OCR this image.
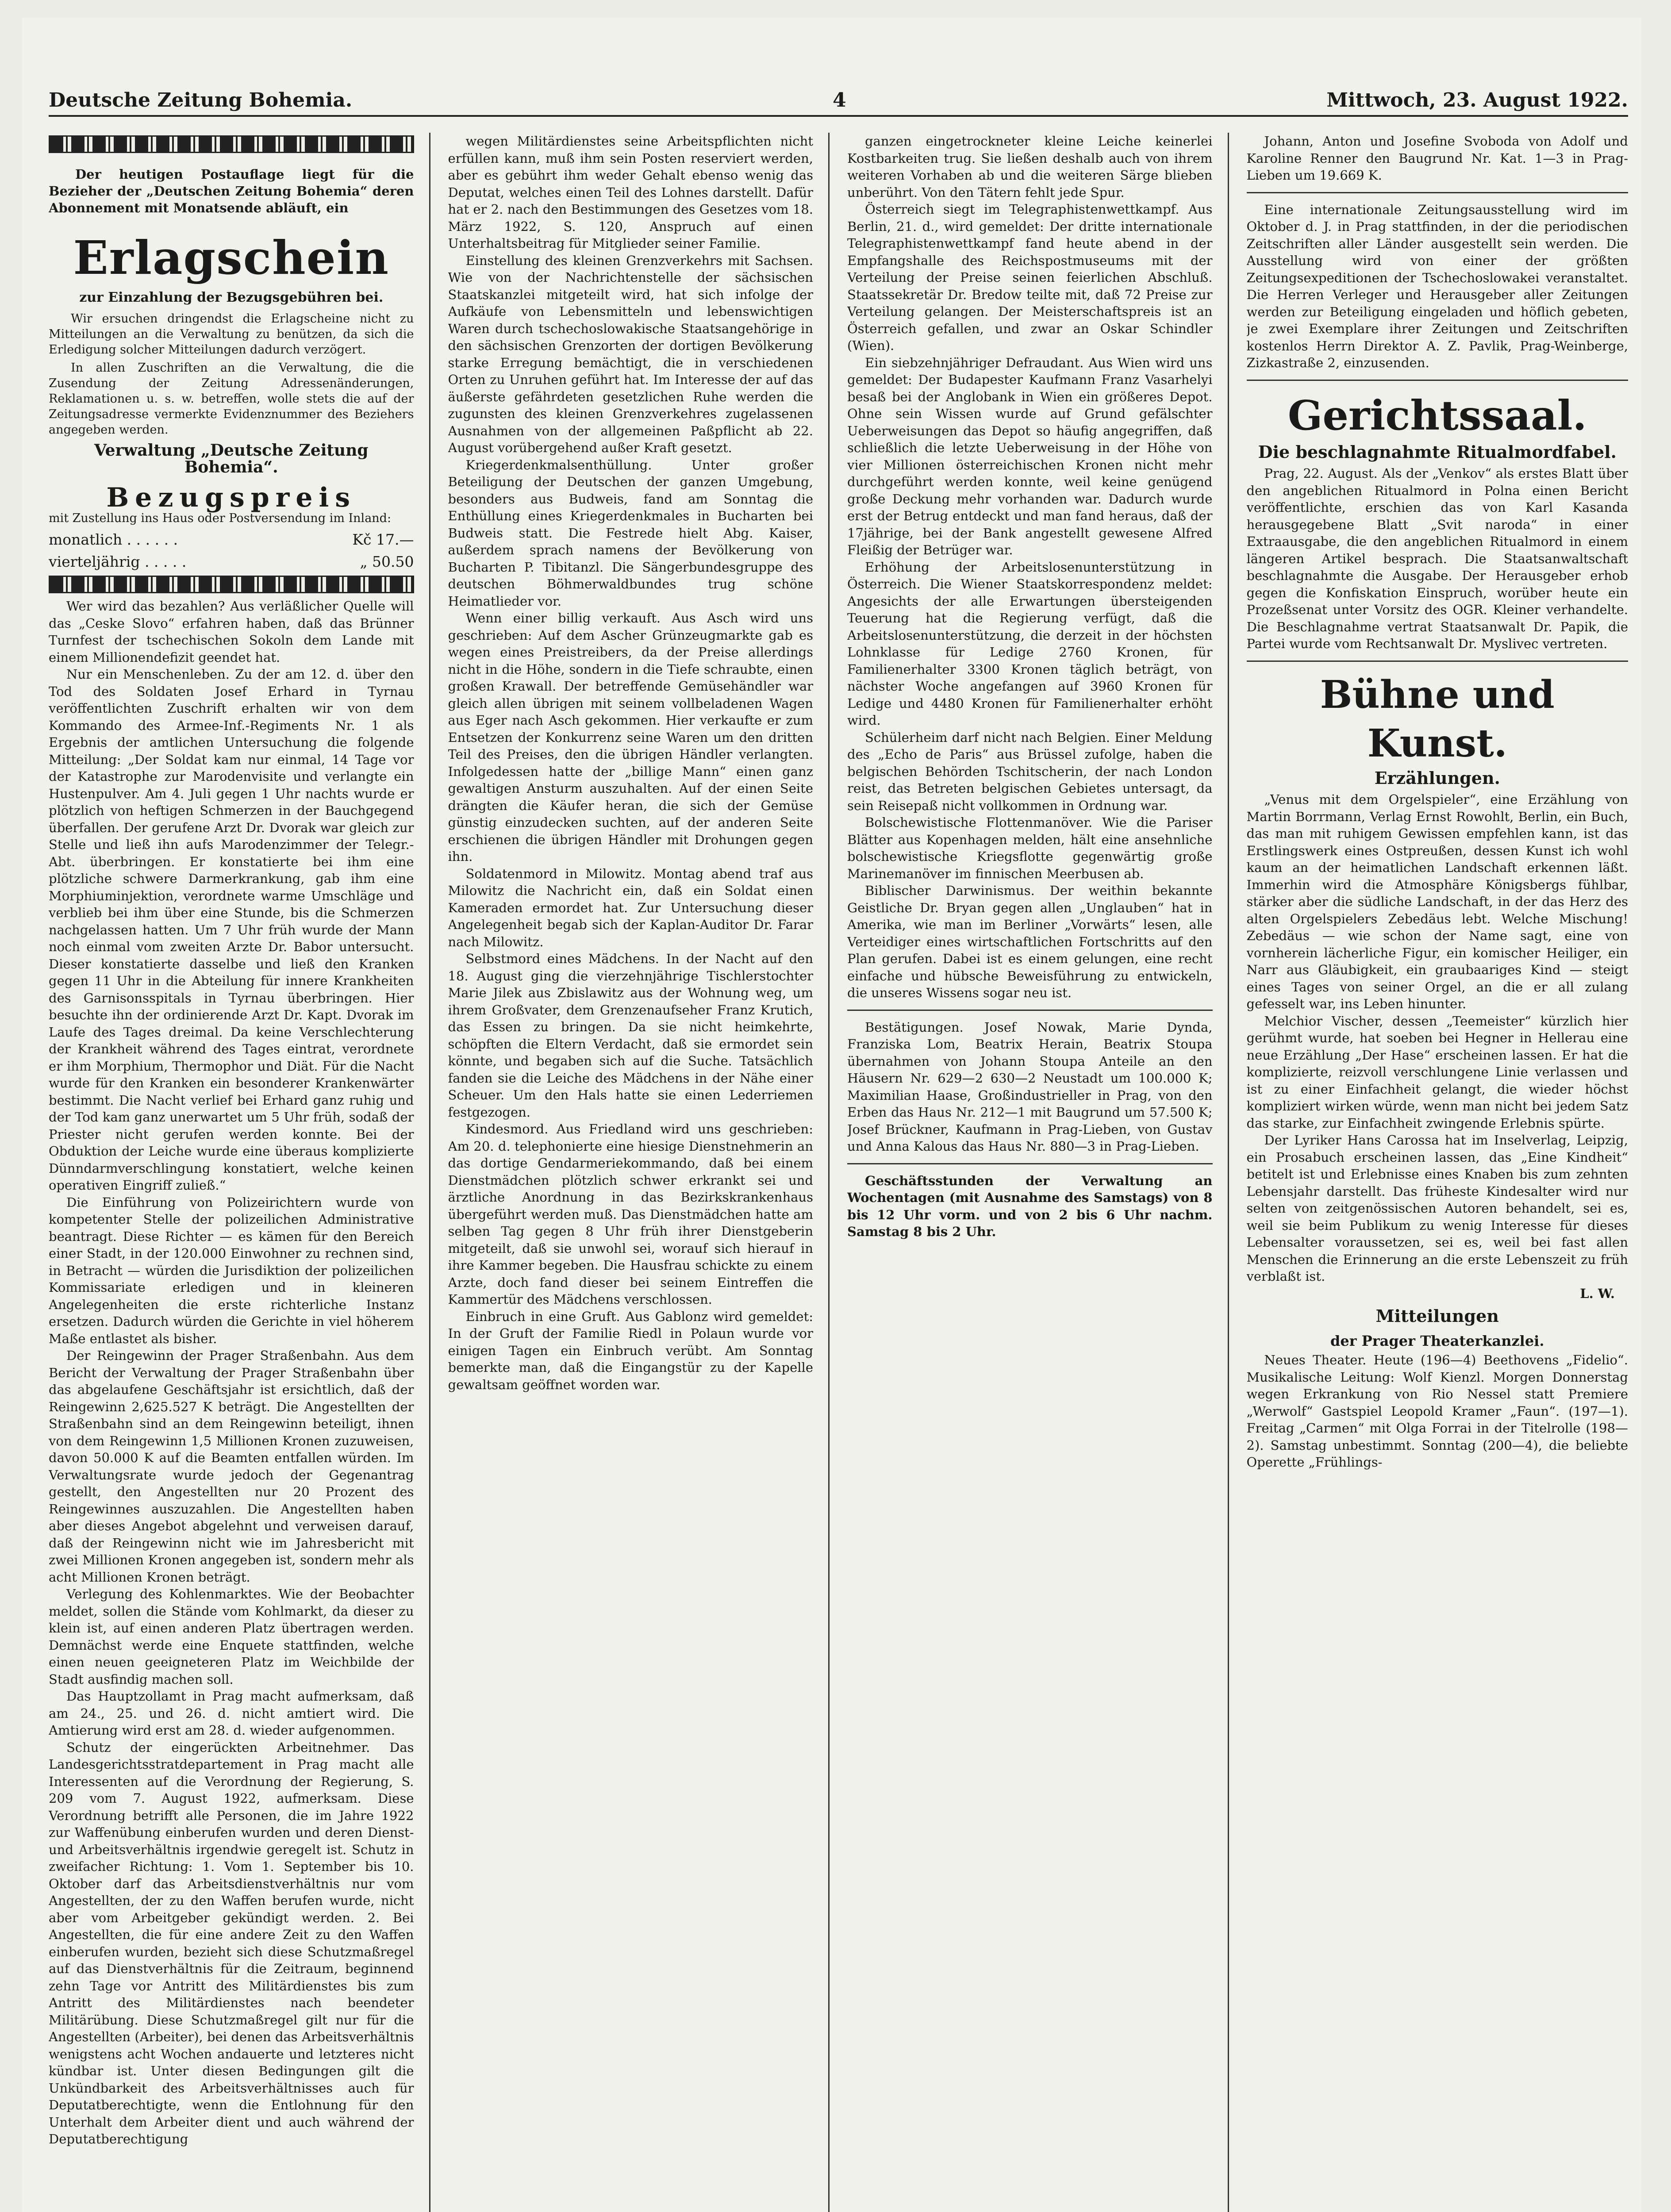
Deutsche Zeitung Bohemia.	4	Mittwoch, 23. August 1922.

Der heutigen Postauflage liegt für die Bezieher der „Deutschen Zeitung Bohemia“ deren Abonnement mit Monatsende abläuft, ein

Erlagschein
zur Einzahlung der Bezugsgebühren bei.

Wir ersuchen dringendst die Erlagscheine nicht zu Mitteilungen an die Verwaltung zu benützen, da sich die Erledigung solcher Mitteilungen dadurch verzögert.

In allen Zuschriften an die Verwaltung, die die Zusendung der Zeitung Adressenänderungen, Reklamationen u. s. w. betreffen, wolle stets die auf der Zeitungsadresse vermerkte Evidenznummer des Beziehers angegeben werden.

Verwaltung „Deutsche Zeitung Bohemia“.
Bezugspreis

mit Zustellung ins Haus oder Postversendung im Inland:

monatlich . . . . . .	Kč 17.—
vierteljährig . . . . .	„ 50.50

Wer wird das bezahlen? Aus verläßlicher Quelle will das „Ceske Slovo“ erfahren haben, daß das Brünner Turnfest der tschechischen Sokoln dem Lande mit einem Millionendefizit geendet hat.

Nur ein Menschenleben. Zu der am 12. d. über den Tod des Soldaten Josef Erhard in Tyrnau veröffentlichten Zuschrift erhalten wir von dem Kommando des Armee-Inf.-Regiments Nr. 1 als Ergebnis der amtlichen Untersuchung die folgende Mitteilung: „Der Soldat kam nur einmal, 14 Tage vor der Katastrophe zur Marodenvisite und verlangte ein Hustenpulver. Am 4. Juli gegen 1 Uhr nachts wurde er plötzlich von heftigen Schmerzen in der Bauchgegend überfallen. Der gerufene Arzt Dr. Dvorak war gleich zur Stelle und ließ ihn aufs Marodenzimmer der Telegr.-Abt. überbringen. Er konstatierte bei ihm eine plötzliche schwere Darmerkrankung, gab ihm eine Morphiuminjektion, verordnete warme Umschläge und verblieb bei ihm über eine Stunde, bis die Schmerzen nachgelassen hatten. Um 7 Uhr früh wurde der Mann noch einmal vom zweiten Arzte Dr. Babor untersucht. Dieser konstatierte dasselbe und ließ den Kranken gegen 11 Uhr in die Abteilung für innere Krankheiten des Garnisonsspitals in Tyrnau überbringen. Hier besuchte ihn der ordinierende Arzt Dr. Kapt. Dvorak im Laufe des Tages dreimal. Da keine Verschlechterung der Krankheit während des Tages eintrat, verordnete er ihm Morphium, Thermophor und Diät. Für die Nacht wurde für den Kranken ein besonderer Krankenwärter bestimmt. Die Nacht verlief bei Erhard ganz ruhig und der Tod kam ganz unerwartet um 5 Uhr früh, sodaß der Priester nicht gerufen werden konnte. Bei der Obduktion der Leiche wurde eine überaus komplizierte Dünndarmverschlingung konstatiert, welche keinen operativen Eingriff zuließ.“

Die Einführung von Polizeirichtern wurde von kompetenter Stelle der polizeilichen Administrative beantragt. Diese Richter — es kämen für den Bereich einer Stadt, in der 120.000 Einwohner zu rechnen sind, in Betracht — würden die Jurisdiktion der polizeilichen Kommissariate erledigen und in kleineren Angelegenheiten die erste richterliche Instanz ersetzen. Dadurch würden die Gerichte in viel höherem Maße entlastet als bisher.

Der Reingewinn der Prager Straßenbahn. Aus dem Bericht der Verwaltung der Prager Straßenbahn über das abgelaufene Geschäftsjahr ist ersichtlich, daß der Reingewinn 2,625.527 K beträgt. Die Angestellten der Straßenbahn sind an dem Reingewinn beteiligt, ihnen von dem Reingewinn 1,5 Millionen Kronen zuzuweisen, davon 50.000 K auf die Beamten entfallen würden. Im Verwaltungsrate wurde jedoch der Gegenantrag gestellt, den Angestellten nur 20 Prozent des Reingewinnes auszuzahlen. Die Angestellten haben aber dieses Angebot abgelehnt und verweisen darauf, daß der Reingewinn nicht wie im Jahresbericht mit zwei Millionen Kronen angegeben ist, sondern mehr als acht Millionen Kronen beträgt.

Verlegung des Kohlenmarktes. Wie der Beobachter meldet, sollen die Stände vom Kohlmarkt, da dieser zu klein ist, auf einen anderen Platz übertragen werden. Demnächst werde eine Enquete stattfinden, welche einen neuen geeigneteren Platz im Weichbilde der Stadt ausfindig machen soll.

Das Hauptzollamt in Prag macht aufmerksam, daß am 24., 25. und 26. d. nicht amtiert wird. Die Amtierung wird erst am 28. d. wieder aufgenommen.

Schutz der eingerückten Arbeitnehmer. Das Landesgerichtsstratdepartement in Prag macht alle Interessenten auf die Verordnung der Regierung, S. 209 vom 7. August 1922, aufmerksam. Diese Verordnung betrifft alle Personen, die im Jahre 1922 zur Waffenübung einberufen wurden und deren Dienst- und Arbeitsverhältnis irgendwie geregelt ist. Schutz in zweifacher Richtung: 1. Vom 1. September bis 10. Oktober darf das Arbeitsdienstverhältnis nur vom Angestellten, der zu den Waffen berufen wurde, nicht aber vom Arbeitgeber gekündigt werden. 2. Bei Angestellten, die für eine andere Zeit zu den Waffen einberufen wurden, bezieht sich diese Schutzmaßregel auf das Dienstverhältnis für die Zeitraum, beginnend zehn Tage vor Antritt des Militärdienstes bis zum Antritt des Militärdienstes nach beendeter Militärübung. Diese Schutzmaßregel gilt nur für die Angestellten (Arbeiter), bei denen das Arbeitsverhältnis wenigstens acht Wochen andauerte und letzteres nicht kündbar ist. Unter diesen Bedingungen gilt die Unkündbarkeit des Arbeitsverhältnisses auch für Deputatberechtigte, wenn die Entlohnung für den Unterhalt dem Arbeiter dient und auch während der Deputatberechtigung

wegen Militärdienstes seine Arbeitspflichten nicht erfüllen kann, muß ihm sein Posten reserviert werden, aber es gebührt ihm weder Gehalt ebenso wenig das Deputat, welches einen Teil des Lohnes darstellt. Dafür hat er 2. nach den Bestimmungen des Gesetzes vom 18. März 1922, S. 120, Anspruch auf einen Unterhaltsbeitrag für Mitglieder seiner Familie.

Einstellung des kleinen Grenzverkehrs mit Sachsen. Wie von der Nachrichtenstelle der sächsischen Staatskanzlei mitgeteilt wird, hat sich infolge der Aufkäufe von Lebensmitteln und lebenswichtigen Waren durch tschechoslowakische Staatsangehörige in den sächsischen Grenzorten der dortigen Bevölkerung starke Erregung bemächtigt, die in verschiedenen Orten zu Unruhen geführt hat. Im Interesse der auf das äußerste gefährdeten gesetzlichen Ruhe werden die zugunsten des kleinen Grenzverkehres zugelassenen Ausnahmen von der allgemeinen Paßpflicht ab 22. August vorübergehend außer Kraft gesetzt.

Kriegerdenkmalsenthüllung. Unter großer Beteiligung der Deutschen der ganzen Umgebung, besonders aus Budweis, fand am Sonntag die Enthüllung eines Kriegerdenkmales in Bucharten bei Budweis statt. Die Festrede hielt Abg. Kaiser, außerdem sprach namens der Bevölkerung von Bucharten P. Tibitanzl. Die Sängerbundesgruppe des deutschen Böhmerwaldbundes trug schöne Heimatlieder vor.

Wenn einer billig verkauft. Aus Asch wird uns geschrieben: Auf dem Ascher Grünzeugmarkte gab es wegen eines Preistreibers, da der Preise allerdings nicht in die Höhe, sondern in die Tiefe schraubte, einen großen Krawall. Der betreffende Gemüsehändler war gleich allen übrigen mit seinem vollbeladenen Wagen aus Eger nach Asch gekommen. Hier verkaufte er zum Entsetzen der Konkurrenz seine Waren um den dritten Teil des Preises, den die übrigen Händler verlangten. Infolgedessen hatte der „billige Mann“ einen ganz gewaltigen Ansturm auszuhalten. Auf der einen Seite drängten die Käufer heran, die sich der Gemüse günstig einzudecken suchten, auf der anderen Seite erschienen die übrigen Händler mit Drohungen gegen ihn.

Soldatenmord in Milowitz. Montag abend traf aus Milowitz die Nachricht ein, daß ein Soldat einen Kameraden ermordet hat. Zur Untersuchung dieser Angelegenheit begab sich der Kaplan-Auditor Dr. Farar nach Milowitz.

Selbstmord eines Mädchens. In der Nacht auf den 18. August ging die vierzehnjährige Tischlerstochter Marie Jilek aus Zbislawitz aus der Wohnung weg, um ihrem Großvater, dem Grenzenaufseher Franz Krutich, das Essen zu bringen. Da sie nicht heimkehrte, schöpften die Eltern Verdacht, daß sie ermordet sein könnte, und begaben sich auf die Suche. Tatsächlich fanden sie die Leiche des Mädchens in der Nähe einer Scheuer. Um den Hals hatte sie einen Lederriemen festgezogen.

Kindesmord. Aus Friedland wird uns geschrieben: Am 20. d. telephonierte eine hiesige Dienstnehmerin an das dortige Gendarmeriekommando, daß bei einem Dienstmädchen plötzlich schwer erkrankt sei und ärztliche Anordnung in das Bezirkskrankenhaus übergeführt werden muß. Das Dienstmädchen hatte am selben Tag gegen 8 Uhr früh ihrer Dienstgeberin mitgeteilt, daß sie unwohl sei, worauf sich hierauf in ihre Kammer begeben. Die Hausfrau schickte zu einem Arzte, doch fand dieser bei seinem Eintreffen die Kammertür des Mädchens verschlossen.

Einbruch in eine Gruft. Aus Gablonz wird gemeldet: In der Gruft der Familie Riedl in Polaun wurde vor einigen Tagen ein Einbruch verübt. Am Sonntag bemerkte man, daß die Eingangstür zu der Kapelle gewaltsam geöffnet worden war.

ganzen eingetrockneter kleine Leiche keinerlei Kostbarkeiten trug. Sie ließen deshalb auch von ihrem weiteren Vorhaben ab und die weiteren Särge blieben unberührt. Von den Tätern fehlt jede Spur.

Österreich siegt im Telegraphistenwettkampf. Aus Berlin, 21. d., wird gemeldet: Der dritte internationale Telegraphistenwettkampf fand heute abend in der Empfangshalle des Reichspostmuseums mit der Verteilung der Preise seinen feierlichen Abschluß. Staatssekretär Dr. Bredow teilte mit, daß 72 Preise zur Verteilung gelangen. Der Meisterschaftspreis ist an Österreich gefallen, und zwar an Oskar Schindler (Wien).

Ein siebzehnjähriger Defraudant. Aus Wien wird uns gemeldet: Der Budapester Kaufmann Franz Vasarhelyi besaß bei der Anglobank in Wien ein größeres Depot. Ohne sein Wissen wurde auf Grund gefälschter Ueberweisungen das Depot so häufig angegriffen, daß schließlich die letzte Ueberweisung in der Höhe von vier Millionen österreichischen Kronen nicht mehr durchgeführt werden konnte, weil keine genügend große Deckung mehr vorhanden war. Dadurch wurde erst der Betrug entdeckt und man fand heraus, daß der 17jährige, bei der Bank angestellt gewesene Alfred Fleißig der Betrüger war.

Erhöhung der Arbeitslosenunterstützung in Österreich. Die Wiener Staatskorrespondenz meldet: Angesichts der alle Erwartungen übersteigenden Teuerung hat die Regierung verfügt, daß die Arbeitslosenunterstützung, die derzeit in der höchsten Lohnklasse für Ledige 2760 Kronen, für Familienerhalter 3300 Kronen täglich beträgt, von nächster Woche angefangen auf 3960 Kronen für Ledige und 4480 Kronen für Familienerhalter erhöht wird.

Schülerheim darf nicht nach Belgien. Einer Meldung des „Echo de Paris“ aus Brüssel zufolge, haben die belgischen Behörden Tschitscherin, der nach London reist, das Betreten belgischen Gebietes untersagt, da sein Reisepaß nicht vollkommen in Ordnung war.

Bolschewistische Flottenmanöver. Wie die Pariser Blätter aus Kopenhagen melden, hält eine ansehnliche bolschewistische Kriegsflotte gegenwärtig große Marinemanöver im finnischen Meerbusen ab.

Biblischer Darwinismus. Der weithin bekannte Geistliche Dr. Bryan gegen allen „Unglauben“ hat in Amerika, wie man im Berliner „Vorwärts“ lesen, alle Verteidiger eines wirtschaftlichen Fortschritts auf den Plan gerufen. Dabei ist es einem gelungen, eine recht einfache und hübsche Beweisführung zu entwickeln, die unseres Wissens sogar neu ist.

Bestätigungen. Josef Nowak, Marie Dynda, Franziska Lom, Beatrix Herain, Beatrix Stoupa übernahmen von Johann Stoupa Anteile an den Häusern Nr. 629—2 630—2 Neustadt um 100.000 K; Maximilian Haase, Großindustrieller in Prag, von den Erben das Haus Nr. 212—1 mit Baugrund um 57.500 K; Josef Brückner, Kaufmann in Prag-Lieben, von Gustav und Anna Kalous das Haus Nr. 880—3 in Prag-Lieben.

Geschäftsstunden der Verwaltung an Wochentagen (mit Ausnahme des Samstags) von 8 bis 12 Uhr vorm. und von 2 bis 6 Uhr nachm. Samstag 8 bis 2 Uhr.

Johann, Anton und Josefine Svoboda von Adolf und Karoline Renner den Baugrund Nr. Kat. 1—3 in Prag-Lieben um 19.669 K.

Eine internationale Zeitungsausstellung wird im Oktober d. J. in Prag stattfinden, in der die periodischen Zeitschriften aller Länder ausgestellt sein werden. Die Ausstellung wird von einer der größten Zeitungsexpeditionen der Tschechoslowakei veranstaltet. Die Herren Verleger und Herausgeber aller Zeitungen werden zur Beteiligung eingeladen und höflich gebeten, je zwei Exemplare ihrer Zeitungen und Zeitschriften kostenlos Herrn Direktor A. Z. Pavlik, Prag-Weinberge, Zizkastraße 2, einzusenden.

Gerichtssaal.
Die beschlagnahmte Ritualmordfabel.

Prag, 22. August. Als der „Venkov“ als erstes Blatt über den angeblichen Ritualmord in Polna einen Bericht veröffentlichte, erschien das von Karl Kasanda herausgegebene Blatt „Svit naroda“ in einer Extraausgabe, die den angeblichen Ritualmord in einem längeren Artikel besprach. Die Staatsanwaltschaft beschlagnahmte die Ausgabe. Der Herausgeber erhob gegen die Konfiskation Einspruch, worüber heute ein Prozeßsenat unter Vorsitz des OGR. Kleiner verhandelte. Die Beschlagnahme vertrat Staatsanwalt Dr. Papik, die Partei wurde vom Rechtsanwalt Dr. Myslivec vertreten.

Bühne und Kunst.
Erzählungen.

„Venus mit dem Orgelspieler“, eine Erzählung von Martin Borrmann, Verlag Ernst Rowohlt, Berlin, ein Buch, das man mit ruhigem Gewissen empfehlen kann, ist das Erstlingswerk eines Ostpreußen, dessen Kunst ich wohl kaum an der heimatlichen Landschaft erkennen läßt. Immerhin wird die Atmosphäre Königsbergs fühlbar, stärker aber die südliche Landschaft, in der das Herz des alten Orgelspielers Zebedäus lebt. Welche Mischung! Zebedäus — wie schon der Name sagt, eine von vornherein lächerliche Figur, ein komischer Heiliger, ein Narr aus Gläubigkeit, ein graubaariges Kind — steigt eines Tages von seiner Orgel, an die er all zulang gefesselt war, ins Leben hinunter.

Melchior Vischer, dessen „Teemeister“ kürzlich hier gerühmt wurde, hat soeben bei Hegner in Hellerau eine neue Erzählung „Der Hase“ erscheinen lassen. Er hat die komplizierte, reizvoll verschlungene Linie verlassen und ist zu einer Einfachheit gelangt, die wieder höchst kompliziert wirken würde, wenn man nicht bei jedem Satz das starke, zur Einfachheit zwingende Erlebnis spürte.

Der Lyriker Hans Carossa hat im Inselverlag, Leipzig, ein Prosabuch erscheinen lassen, das „Eine Kindheit“ betitelt ist und Erlebnisse eines Knaben bis zum zehnten Lebensjahr darstellt. Das früheste Kindesalter wird nur selten von zeitgenössischen Autoren behandelt, sei es, weil sie beim Publikum zu wenig Interesse für dieses Lebensalter voraussetzen, sei es, weil bei fast allen Menschen die Erinnerung an die erste Lebenszeit zu früh verblaßt ist.

L. W.
Mitteilungen
der Prager Theaterkanzlei.

Neues Theater. Heute (196—4) Beethovens „Fidelio“. Musikalische Leitung: Wolf Kienzl. Morgen Donnerstag wegen Erkrankung von Rio Nessel statt Premiere „Werwolf“ Gastspiel Leopold Kramer „Faun“. (197—1). Freitag „Carmen“ mit Olga Forrai in der Titelrolle (198—2). Samstag unbestimmt. Sonntag (200—4), die beliebte Operette „Frühlings-
